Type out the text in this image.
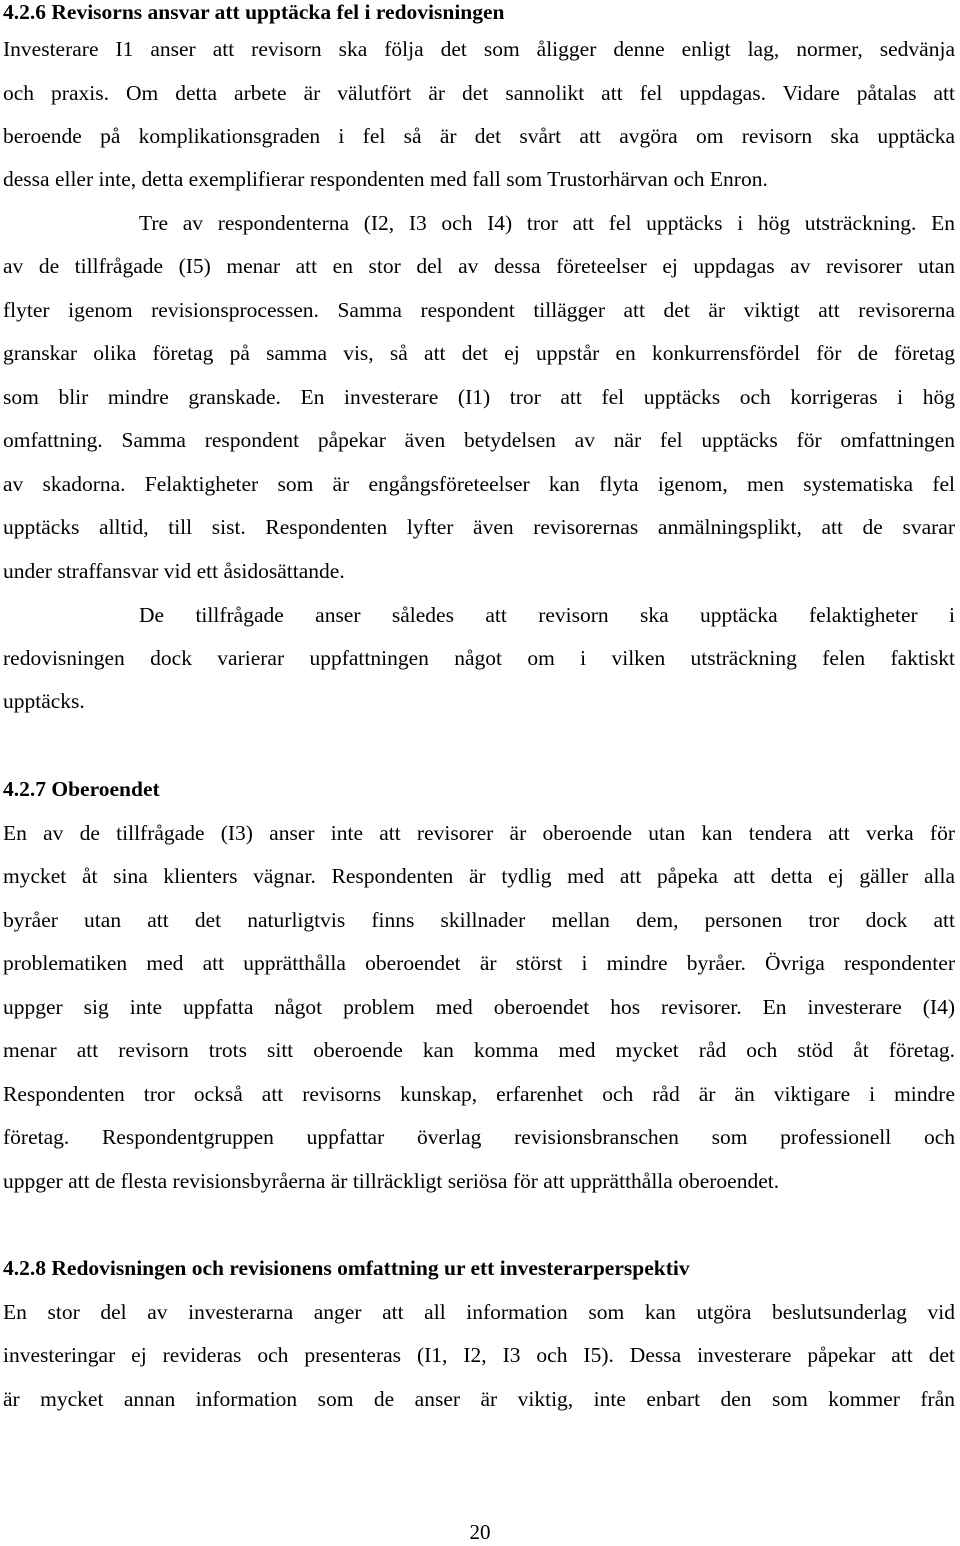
4.2.6 Revisorns ansvar att upptäcka fel i redovisningen
Investerare I1 anser att revisorn ska följa det som åligger denne enligt lag, normer, sedvänja
och praxis. Om detta arbete är välutfört är det sannolikt att fel uppdagas. Vidare påtalas att
beroende på komplikationsgraden i fel så är det svårt att avgöra om revisorn ska upptäcka
dessa eller inte, detta exemplifierar respondenten med fall som Trustorhärvan och Enron.
Tre av respondenterna (I2, I3 och I4) tror att fel upptäcks i hög utsträckning. En
av de tillfrågade (I5) menar att en stor del av dessa företeelser ej uppdagas av revisorer utan
flyter igenom revisionsprocessen. Samma respondent tillägger att det är viktigt att revisorerna
granskar olika företag på samma vis, så att det ej uppstår en konkurrensfördel för de företag
som blir mindre granskade. En investerare (I1) tror att fel upptäcks och korrigeras i hög
omfattning. Samma respondent påpekar även betydelsen av när fel upptäcks för omfattningen
av skadorna. Felaktigheter som är engångsföreteelser kan flyta igenom, men systematiska fel
upptäcks alltid, till sist. Respondenten lyfter även revisorernas anmälningsplikt, att de svarar
under straffansvar vid ett åsidosättande.
De tillfrågade anser således att revisorn ska upptäcka felaktigheter i
redovisningen dock varierar uppfattningen något om i vilken utsträckning felen faktiskt
upptäcks.
4.2.7 Oberoendet
En av de tillfrågade (I3) anser inte att revisorer är oberoende utan kan tendera att verka för
mycket åt sina klienters vägnar. Respondenten är tydlig med att påpeka att detta ej gäller alla
byråer utan att det naturligtvis finns skillnader mellan dem, personen tror dock att
problematiken med att upprätthålla oberoendet är störst i mindre byråer. Övriga respondenter
uppger sig inte uppfatta något problem med oberoendet hos revisorer. En investerare (I4)
menar att revisorn trots sitt oberoende kan komma med mycket råd och stöd åt företag.
Respondenten tror också att revisorns kunskap, erfarenhet och råd är än viktigare i mindre
företag. Respondentgruppen uppfattar överlag revisionsbranschen som professionell och
uppger att de flesta revisionsbyråerna är tillräckligt seriösa för att upprätthålla oberoendet.
4.2.8 Redovisningen och revisionens omfattning ur ett investerarperspektiv
En stor del av investerarna anger att all information som kan utgöra beslutsunderlag vid
investeringar ej revideras och presenteras (I1, I2, I3 och I5). Dessa investerare påpekar att det
är mycket annan information som de anser är viktig, inte enbart den som kommer från
20
